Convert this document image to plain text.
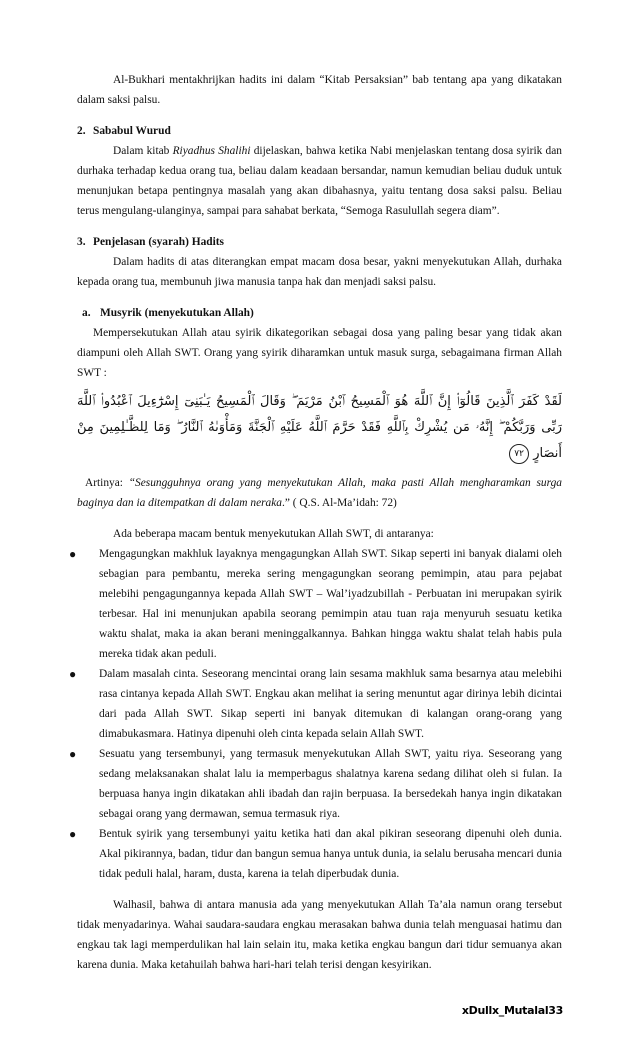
Al-Bukhari mentakhrijkan hadits ini dalam “Kitab Persaksian” bab tentang apa yang dikatakan dalam saksi palsu.

2. Sababul Wurud

Dalam kitab Riyadhus Shalihi dijelaskan, bahwa ketika Nabi menjelaskan tentang dosa syirik dan durhaka terhadap kedua orang tua, beliau dalam keadaan bersandar, namun kemudian beliau duduk untuk menunjukan betapa pentingnya masalah yang akan dibahasnya, yaitu tentang dosa saksi palsu. Beliau terus mengulang-ulanginya, sampai para sahabat berkata, “Semoga Rasulullah segera diam”.

3. Penjelasan (syarah) Hadits

Dalam hadits di atas diterangkan empat macam dosa besar, yakni menyekutukan Allah, durhaka kepada orang tua, membunuh jiwa manusia tanpa hak dan menjadi saksi palsu.

a. Musyrik (menyekutukan Allah)

Mempersekutukan Allah atau syirik dikategorikan sebagai dosa yang paling besar yang tidak akan diampuni oleh Allah SWT. Orang yang syirik diharamkan untuk masuk surga, sebagaimana firman Allah SWT :

لَقَدْ كَفَرَ ٱلَّذِينَ قَالُوٓا۟ إِنَّ ٱللَّهَ هُوَ ٱلْمَسِيحُ ٱبْنُ مَرْيَمَ ۖ وَقَالَ ٱلْمَسِيحُ يَـٰبَنِىٓ إِسْرَٰٓءِيلَ ٱعْبُدُوا۟ ٱللَّهَ رَبِّى وَرَبَّكُمْ ۖ إِنَّهُۥ مَن يُشْرِكْ بِٱللَّهِ فَقَدْ حَرَّمَ ٱللَّهُ عَلَيْهِ ٱلْجَنَّةَ وَمَأْوَىٰهُ ٱلنَّارُ ۖ وَمَا لِلظَّـٰلِمِينَ مِنْ أَنصَارٍ ٧٢

Artinya: “Sesungguhnya orang yang menyekutukan Allah, maka pasti Allah mengharamkan surga baginya dan ia ditempatkan di dalam neraka.” ( Q.S. Al-Ma’idah: 72)

Ada beberapa macam bentuk menyekutukan Allah SWT, di antaranya:

● Mengagungkan makhluk layaknya mengagungkan Allah SWT. Sikap seperti ini banyak dialami oleh sebagian para pembantu, mereka sering mengagungkan seorang pemimpin, atau para pejabat melebihi pengagungannya kepada Allah SWT – Wal’iyadzubillah - Perbuatan ini merupakan syirik terbesar. Hal ini menunjukan apabila seorang pemimpin atau tuan raja menyuruh sesuatu ketika waktu shalat, maka ia akan berani meninggalkannya. Bahkan hingga waktu shalat telah habis pula mereka tidak akan peduli.
● Dalam masalah cinta. Seseorang mencintai orang lain sesama makhluk sama besarnya atau melebihi rasa cintanya kepada Allah SWT. Engkau akan melihat ia sering menuntut agar dirinya lebih dicintai dari pada Allah SWT. Sikap seperti ini banyak ditemukan di kalangan orang-orang yang dimabukasmara. Hatinya dipenuhi oleh cinta kepada selain Allah SWT.
● Sesuatu yang tersembunyi, yang termasuk menyekutukan Allah SWT, yaitu riya. Seseorang yang sedang melaksanakan shalat lalu ia memperbagus shalatnya karena sedang dilihat oleh si fulan. Ia berpuasa hanya ingin dikatakan ahli ibadah dan rajin berpuasa. Ia bersedekah hanya ingin dikatakan sebagai orang yang dermawan, semua termasuk riya.
● Bentuk syirik yang tersembunyi yaitu ketika hati dan akal pikiran seseorang dipenuhi oleh dunia. Akal pikirannya, badan, tidur dan bangun semua hanya untuk dunia, ia selalu berusaha mencari dunia tidak peduli halal, haram, dusta, karena ia telah diperbudak dunia.

Walhasil, bahwa di antara manusia ada yang menyekutukan Allah Ta’ala namun orang tersebut tidak menyadarinya. Wahai saudara-saudara engkau merasakan bahwa dunia telah menguasai hatimu dan engkau tak lagi memperdulikan hal lain selain itu, maka ketika engkau bangun dari tidur semuanya akan karena dunia. Maka ketahuilah bahwa hari-hari telah terisi dengan kesyirikan.

xDullx_Mutalal33
